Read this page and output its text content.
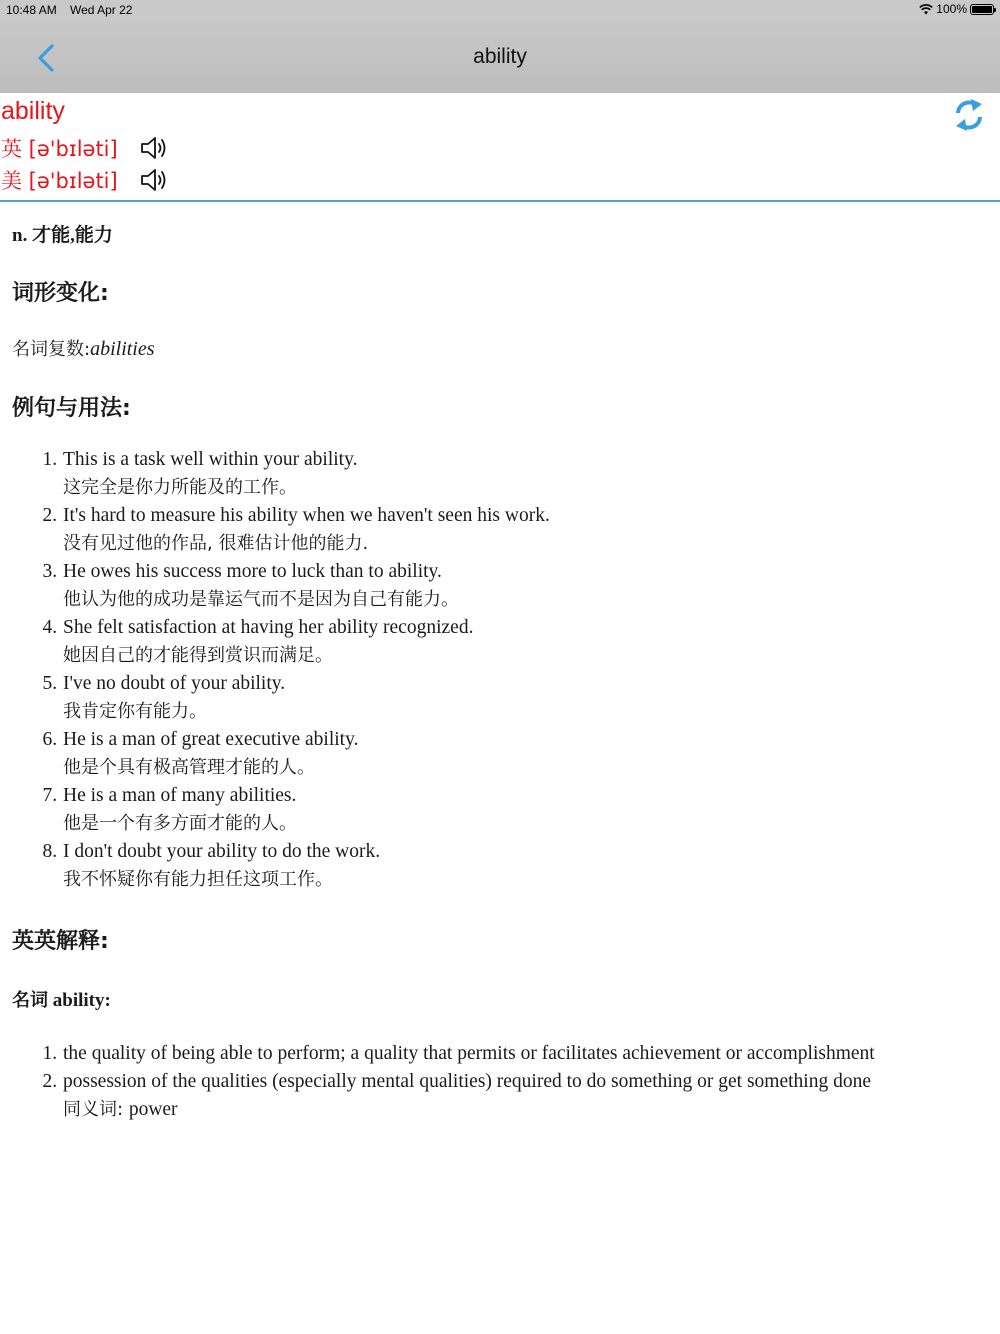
10:48 AM Wed Apr 22	100%
ability
ability
英 [ə'bɪləti]
美 [ə'bɪləti]
n. 才能,能力
词形变化:
名词复数:abilities
例句与用法:
1. This is a task well within your ability.
这完全是你力所能及的工作。
2. It's hard to measure his ability when we haven't seen his work.
没有见过他的作品, 很难估计他的能力.
3. He owes his success more to luck than to ability.
他认为他的成功是靠运气而不是因为自己有能力。
4. She felt satisfaction at having her ability recognized.
她因自己的才能得到赏识而满足。
5. I've no doubt of your ability.
我肯定你有能力。
6. He is a man of great executive ability.
他是个具有极高管理才能的人。
7. He is a man of many abilities.
他是一个有多方面才能的人。
8. I don't doubt your ability to do the work.
我不怀疑你有能力担任这项工作。
英英解释:
名词 ability:
1. the quality of being able to perform; a quality that permits or facilitates achievement or accomplishment
2. possession of the qualities (especially mental qualities) required to do something or get something done
同义词: power
